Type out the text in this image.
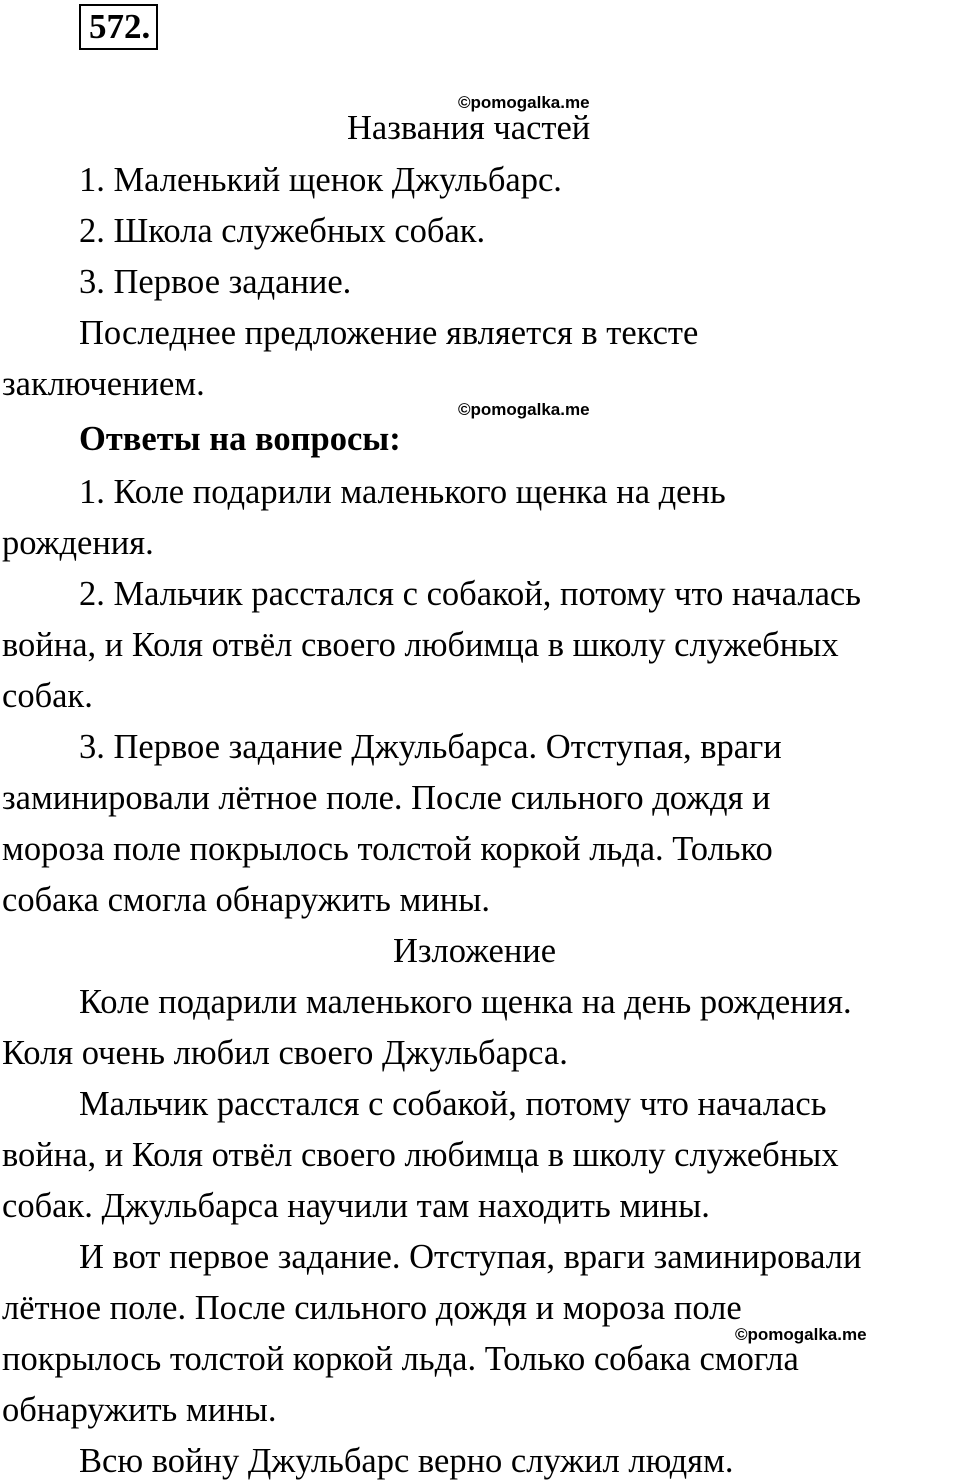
572.
©pomogalka.me
©pomogalka.me
©pomogalka.me
Названия частей
1. Маленький щенок Джульбарс.
2. Школа служебных собак.
3. Первое задание.
Последнее предложение является в тексте
заключением.
Ответы на вопросы:
1. Коле подарили маленького щенка на день
рождения.
2. Мальчик расстался с собакой, потому что началась
война, и Коля отвёл своего любимца в школу служебных
собак.
3. Первое задание Джульбарса. Отступая, враги
заминировали лётное поле. После сильного дождя и
мороза поле покрылось толстой коркой льда. Только
собака смогла обнаружить мины.
Изложение
Коле подарили маленького щенка на день рождения.
Коля очень любил своего Джульбарса.
Мальчик расстался с собакой, потому что началась
война, и Коля отвёл своего любимца в школу служебных
собак. Джульбарса научили там находить мины.
И вот первое задание. Отступая, враги заминировали
лётное поле. После сильного дождя и мороза поле
покрылось толстой коркой льда. Только собака смогла
обнаружить мины.
Всю войну Джульбарс верно служил людям.
